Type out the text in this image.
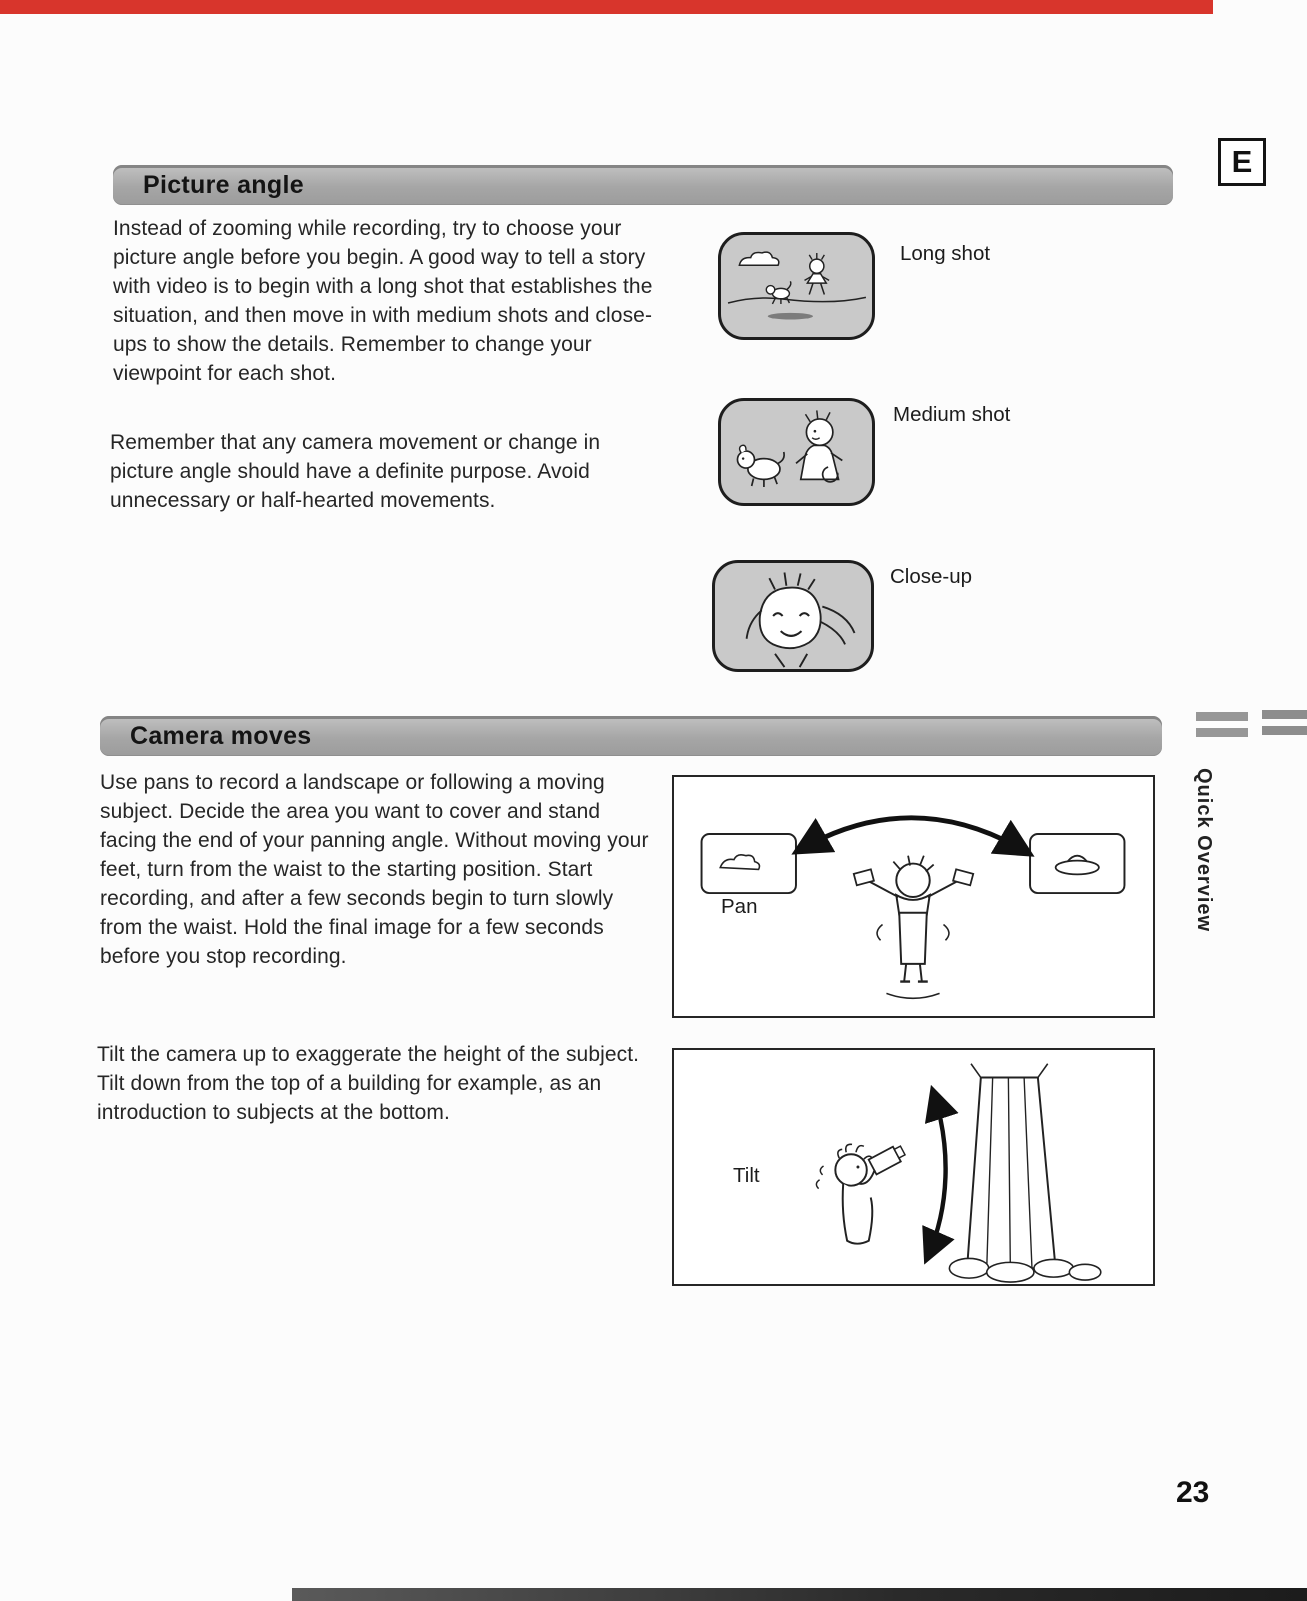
E
Picture angle

Instead of zooming while recording, try to choose your picture angle before you begin. A good way to tell a story with video is to begin with a long shot that establishes the situation, and then move in with medium shots and close-ups to show the details. Remember to change your viewpoint for each shot.

Remember that any camera movement or change in picture angle should have a definite purpose. Avoid unnecessary or half-hearted movements.

Long shot
Medium shot
Close-up
Camera moves

Use pans to record a landscape or following a moving subject. Decide the area you want to cover and stand facing the end of your panning angle. Without moving your feet, turn from the waist to the starting position. Start recording, and after a few seconds begin to turn slowly from the waist. Hold the final image for a few seconds before you stop recording.

Tilt the camera up to exaggerate the height of the subject. Tilt down from the top of a building for example, as an introduction to subjects at the bottom.

Pan
Tilt
Quick Overview
23
